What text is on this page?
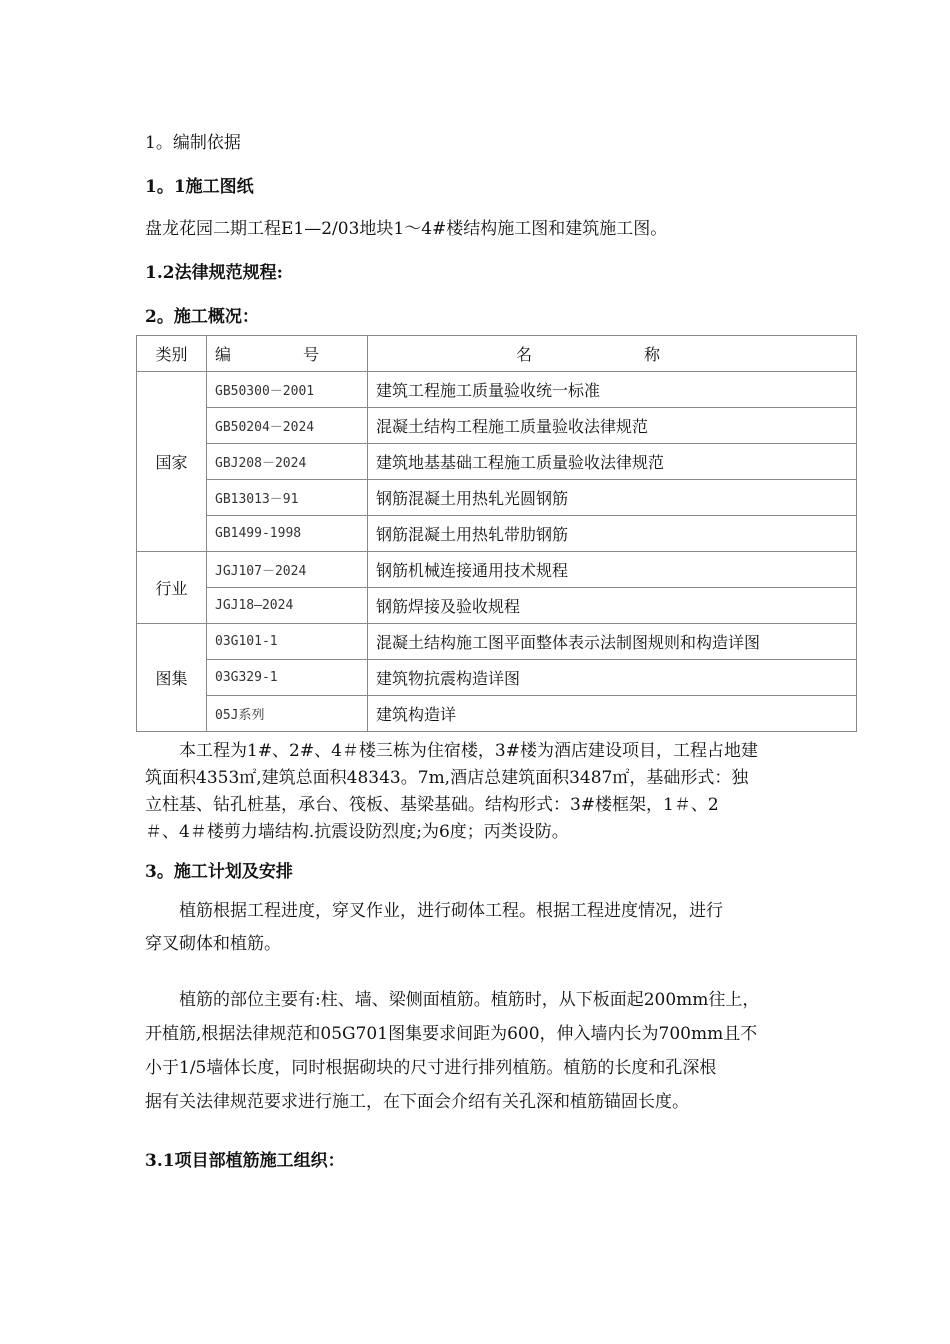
1。编制依据
1。1施工图纸
盘龙花园二期工程E1—2/03地块1～4#楼结构施工图和建筑施工图。
1.2法律规范规程:
2。施工概况：
类别	编　号	名　称
国家	GB50300－2001	建筑工程施工质量验收统一标准
	GB50204－2024	混凝土结构工程施工质量验收法律规范
	GBJ208－2024	建筑地基基础工程施工质量验收法律规范
	GB13013－91	钢筋混凝土用热轧光圆钢筋
	GB1499-1998	钢筋混凝土用热轧带肋钢筋
行业	JGJ107－2024	钢筋机械连接通用技术规程
	JGJ18—2024	钢筋焊接及验收规程
图集	03G101-1	混凝土结构施工图平面整体表示法制图规则和构造详图
	03G329-1	建筑物抗震构造详图
	05J系列	建筑构造详
　　本工程为1#、2#、4＃楼三栋为住宿楼，3#楼为酒店建设项目，工程占地建
筑面积4353㎡,建筑总面积48343。7m,酒店总建筑面积3487㎡，基础形式：独
立柱基、钻孔桩基，承台、筏板、基梁基础。结构形式：3#楼框架，1＃、2
＃、4＃楼剪力墙结构.抗震设防烈度;为6度；丙类设防。
3。施工计划及安排
　　植筋根据工程进度，穿叉作业，进行砌体工程。根据工程进度情况，进行
穿叉砌体和植筋。
　　植筋的部位主要有:柱、墙、梁侧面植筋。植筋时，从下板面起200mm往上，
开植筋,根据法律规范和05G701图集要求间距为600，伸入墙内长为700mm且不
小于1/5墙体长度，同时根据砌块的尺寸进行排列植筋。植筋的长度和孔深根
据有关法律规范要求进行施工，在下面会介绍有关孔深和植筋锚固长度。
3.1项目部植筋施工组织：
